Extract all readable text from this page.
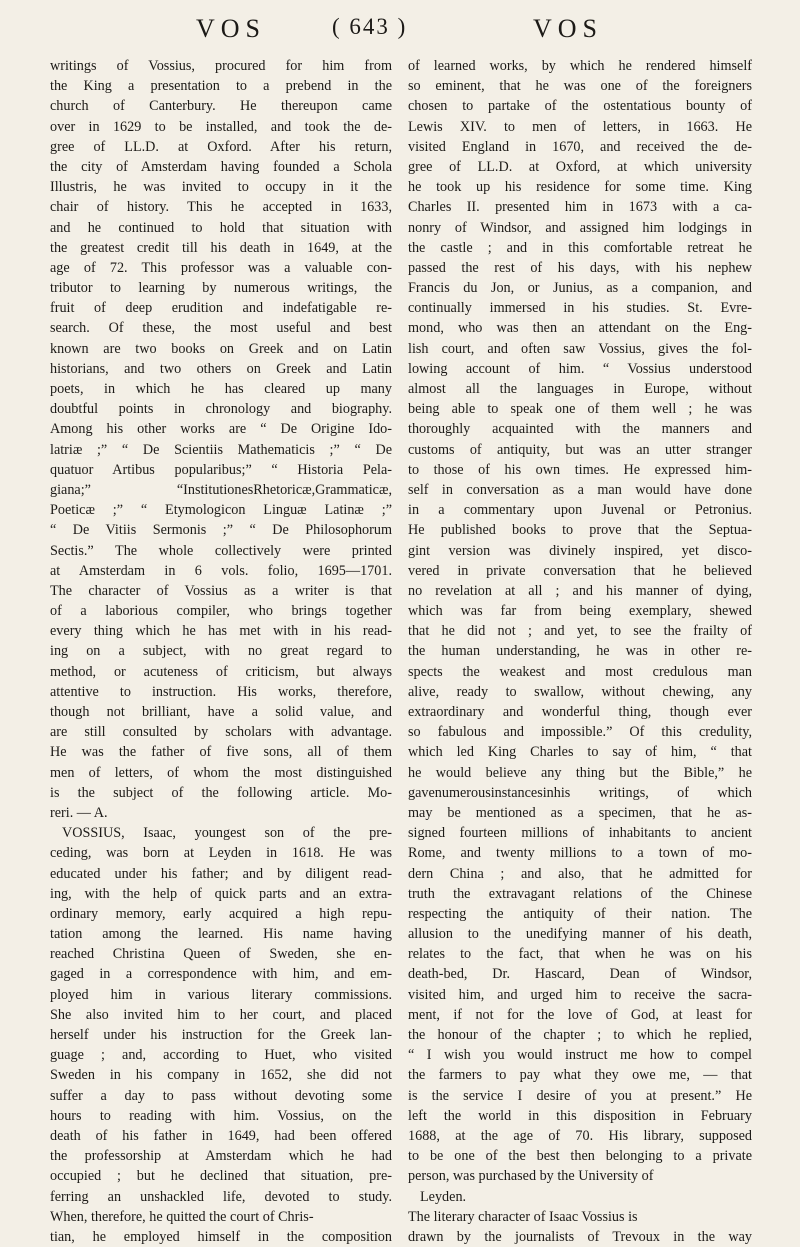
VOS	( 643 )	VOS
writings of Vossius, procured for him from
the King a presentation to a prebend in the
church of Canterbury. He thereupon came
over in 1629 to be installed, and took the de-
gree of LL.D. at Oxford. After his return,
the city of Amsterdam having founded a Schola
Illustris, he was invited to occupy in it the
chair of history. This he accepted in 1633,
and he continued to hold that situation with
the greatest credit till his death in 1649, at the
age of 72. This professor was a valuable con-
tributor to learning by numerous writings, the
fruit of deep erudition and indefatigable re-
search. Of these, the most useful and best
known are two books on Greek and on Latin
historians, and two others on Greek and Latin
poets, in which he has cleared up many
doubtful points in chronology and biography.
Among his other works are “ De Origine Ido-
latriæ ;” “ De Scientiis Mathematicis ;” “ De
quatuor Artibus popularibus;” “ Historia Pela-
giana;” “InstitutionesRhetoricæ,Grammaticæ,
Poeticæ ;” “ Etymologicon Linguæ Latinæ ;”
“ De Vitiis Sermonis ;” “ De Philosophorum
Sectis.” The whole collectively were printed
at Amsterdam in 6 vols. folio, 1695—1701.
The character of Vossius as a writer is that
of a laborious compiler, who brings together
every thing which he has met with in his read-
ing on a subject, with no great regard to
method, or acuteness of criticism, but always
attentive to instruction. His works, therefore,
though not brilliant, have a solid value, and
are still consulted by scholars with advantage.
He was the father of five sons, all of them
men of letters, of whom the most distinguished
is the subject of the following article. Mo-
reri. — A.
VOSSIUS, Isaac, youngest son of the pre-
ceding, was born at Leyden in 1618. He was
educated under his father; and by diligent read-
ing, with the help of quick parts and an extra-
ordinary memory, early acquired a high repu-
tation among the learned. His name having
reached Christina Queen of Sweden, she en-
gaged in a correspondence with him, and em-
ployed him in various literary commissions.
She also invited him to her court, and placed
herself under his instruction for the Greek lan-
guage ; and, according to Huet, who visited
Sweden in his company in 1652, she did not
suffer a day to pass without devoting some
hours to reading with him. Vossius, on the
death of his father in 1649, had been offered
the professorship at Amsterdam which he had
occupied ; but he declined that situation, pre-
ferring an unshackled life, devoted to study.
When, therefore, he quitted the court of Chris-
tian, he employed himself in the composition
of learned works, by which he rendered himself
so eminent, that he was one of the foreigners
chosen to partake of the ostentatious bounty of
Lewis XIV. to men of letters, in 1663. He
visited England in 1670, and received the de-
gree of LL.D. at Oxford, at which university
he took up his residence for some time. King
Charles II. presented him in 1673 with a ca-
nonry of Windsor, and assigned him lodgings in
the castle ; and in this comfortable retreat he
passed the rest of his days, with his nephew
Francis du Jon, or Junius, as a companion, and
continually immersed in his studies. St. Evre-
mond, who was then an attendant on the Eng-
lish court, and often saw Vossius, gives the fol-
lowing account of him. “ Vossius understood
almost all the languages in Europe, without
being able to speak one of them well ; he was
thoroughly acquainted with the manners and
customs of antiquity, but was an utter stranger
to those of his own times. He expressed him-
self in conversation as a man would have done
in a commentary upon Juvenal or Petronius.
He published books to prove that the Septua-
gint version was divinely inspired, yet disco-
vered in private conversation that he believed
no revelation at all ; and his manner of dying,
which was far from being exemplary, shewed
that he did not ; and yet, to see the frailty of
the human understanding, he was in other re-
spects the weakest and most credulous man
alive, ready to swallow, without chewing, any
extraordinary and wonderful thing, though ever
so fabulous and impossible.” Of this credulity,
which led King Charles to say of him, “ that
he would believe any thing but the Bible,” he
gavenumerousinstancesinhis writings, of which
may be mentioned as a specimen, that he as-
signed fourteen millions of inhabitants to ancient
Rome, and twenty millions to a town of mo-
dern China ; and also, that he admitted for
truth the extravagant relations of the Chinese
respecting the antiquity of their nation. The
allusion to the unedifying manner of his death,
relates to the fact, that when he was on his
death-bed, Dr. Hascard, Dean of Windsor,
visited him, and urged him to receive the sacra-
ment, if not for the love of God, at least for
the honour of the chapter ; to which he replied,
“ I wish you would instruct me how to compel
the farmers to pay what they owe me, — that
is the service I desire of you at present.” He
left the world in this disposition in February
1688, at the age of 70. His library, supposed
to be one of the best then belonging to a private
person, was purchased by the University of
Leyden.
The literary character of Isaac Vossius is
drawn by the journalists of Trevoux in the way
